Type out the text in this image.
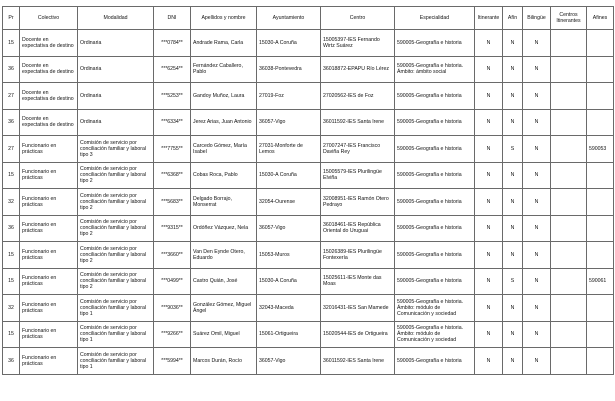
Pr	Colectivo	Modalidad	DNI	Apellidos y nombre	Ayuntamiento	Centro	Especialidad	Itinerante	Afín	Bilingüe	Centros Itinerantes	Afines
15	Docente en expectativa de destino	Ordinaria	***0784**	Andrade Rama, Carla	15030-A Coruña	15005397-IES Fernando Wirtz Suárez	590005-Geografía e historia	N	N	N		
36	Docente en expectativa de destino	Ordinaria	***6254**	Fernández Caballero, Pablo	36038-Pontevedra	36018872-EPAPU Río Lérez	590005-Geografía e historia. Ámbito: ámbito social	N	N	N		
27	Docente en expectativa de destino	Ordinaria	***5253**	Gandoy Muñoz, Laura	27019-Foz	27020562-IES de Foz	590005-Geografía e historia	N	N	N		
36	Docente en expectativa de destino	Ordinaria	***6334**	Jerez Arias, Juan Antonio	36057-Vigo	36011592-IES Santa Irene	590005-Geografía e historia	N	N	N		
27	Funcionario en prácticas	Comisión de servicio por conciliación familiar y laboral tipo 3	***7755**	Carcedo Gómez, María Isabel	27031-Monforte de Lemos	27007247-IES Francisco Daviña Rey	590005-Geografía e historia	N	S	N		590053
15	Funcionario en prácticas	Comisión de servicio por conciliación familiar y laboral tipo 2	***6368**	Cobas Roca, Pablo	15030-A Coruña	15005579-IES Plurilingüe Elviña	590005-Geografía e historia	N	N	N		
32	Funcionario en prácticas	Comisión de servicio por conciliación familiar y laboral tipo 2	***5683**	Delgado Borrajo, Monserrat	32054-Ourense	32008951-IES Ramón Otero Pedrayo	590005-Geografía e historia	N	N	N		
36	Funcionario en prácticas	Comisión de servicio por conciliación familiar y laboral tipo 2	***9315**	Ordóñez Vázquez, Nela	36057-Vigo	36018461-IES República Oriental do Uruguai	590005-Geografía e historia	N	N	N		
15	Funcionario en prácticas	Comisión de servicio por conciliación familiar y laboral tipo 2	***3660**	Van Den Eynde Otero, Eduardo	15053-Muros	15026389-IES Plurilingüe Fontexería	590005-Geografía e historia	N	N	N		
15	Funcionario en prácticas	Comisión de servicio por conciliación familiar y laboral tipo 2	***0499**	Castro Quián, José	15030-A Coruña	15025611-IES Monte das Moas	590005-Geografía e historia	N	S	N		590061
32	Funcionario en prácticas	Comisión de servicio por conciliación familiar y laboral tipo 1	***9036**	González Gómez, Miguel Ángel	32043-Maceda	32016431-IES San Mamede	590005-Geografía e historia. Ámbito: módulo de Comunicación y sociedad	N	N	N		
15	Funcionario en prácticas	Comisión de servicio por conciliación familiar y laboral tipo 1	***9266**	Suárez Omil, Miguel	15061-Ortigueira	15020544-IES de Ortigueira	590005-Geografía e historia. Ámbito: módulo de Comunicación y sociedad	N	N	N		
36	Funcionario en prácticas	Comisión de servicio por conciliación familiar y laboral tipo 1	***5994**	Marcos Durán, Rocío	36057-Vigo	36011592-IES Santa Irene	590005-Geografía e historia	N	N	N		
